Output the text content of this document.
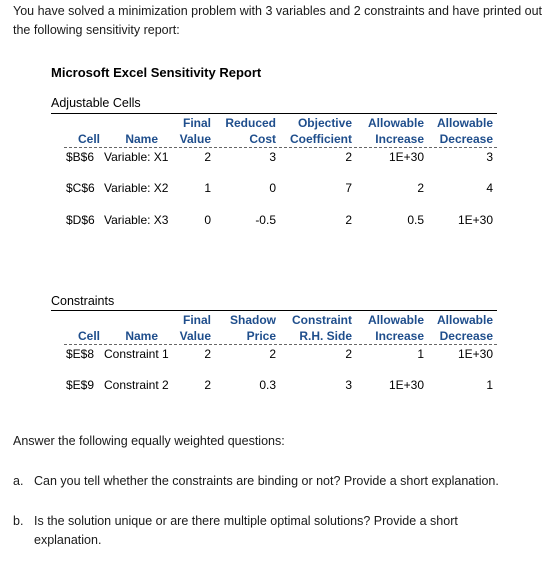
You have solved a minimization problem with 3 variables and 2 constraints and have printed out the following sensitivity report:
Microsoft Excel Sensitivity Report
Adjustable Cells
Final	Reduced	Objective	Allowable	Allowable
Cell	Name	Value	Cost	Coefficient	Increase	Decrease
$B$6 Variable: X1	2	3	2	1E+30	3
$C$6 Variable: X2	1	0	7	2	4
$D$6 Variable: X3	0	-0.5	2	0.5	1E+30
Constraints
Final	Shadow	Constraint	Allowable	Allowable
Cell	Name	Value	Price	R.H. Side	Increase	Decrease
$E$8 Constraint 1	2	2	2	1	1E+30
$E$9 Constraint 2	2	0.3	3	1E+30	1
Answer the following equally weighted questions:
a. Can you tell whether the constraints are binding or not? Provide a short explanation.
b. Is the solution unique or are there multiple optimal solutions? Provide a short explanation.
